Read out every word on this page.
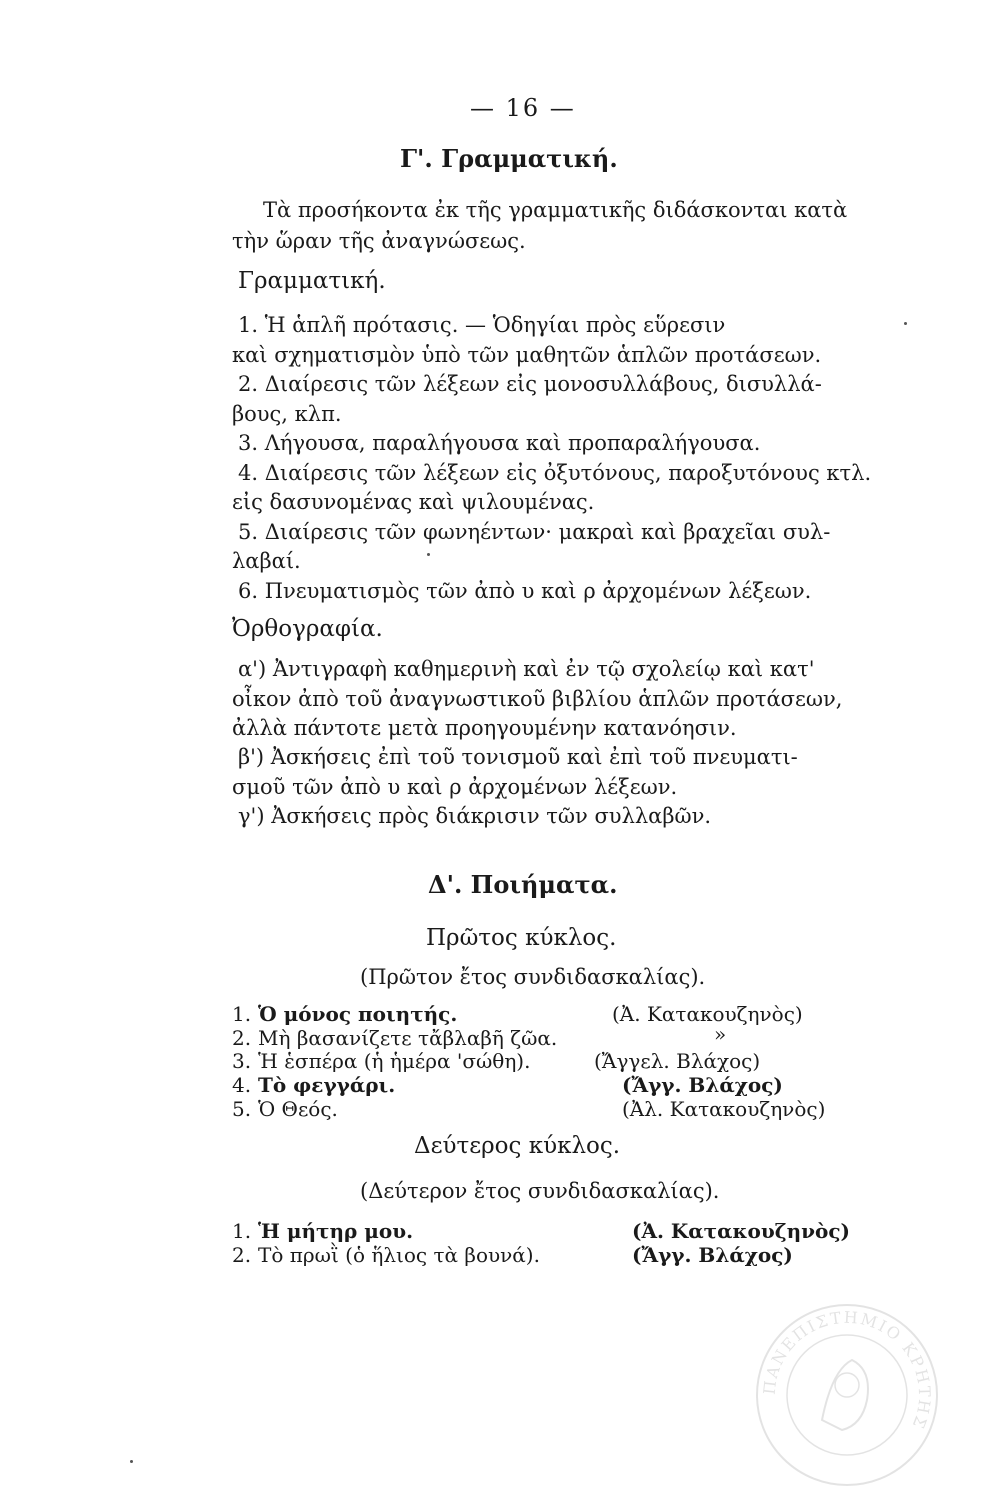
— 16 —
Γ'. Γραμματική.
Τὰ προσήκοντα ἐκ τῆς γραμματικῆς διδάσκονται κατὰ
τὴν ὥραν τῆς ἀναγνώσεως.
Γραμματική.
1. Ἡ ἁπλῆ πρότασις. — Ὁδηγίαι πρὸς εὕρεσιν
καὶ σχηματισμὸν ὑπὸ τῶν μαθητῶν ἁπλῶν προτάσεων.
2. Διαίρεσις τῶν λέξεων εἰς μονοσυλλάβους, δισυλλά-
βους, κλπ.
3. Λήγουσα, παραλήγουσα καὶ προπαραλήγουσα.
4. Διαίρεσις τῶν λέξεων εἰς ὀξυτόνους, παροξυτόνους κτλ.
εἰς δασυνομένας καὶ ψιλουμένας.
5. Διαίρεσις τῶν φωνηέντων· μακραὶ καὶ βραχεῖαι συλ-
λαβαί.
6. Πνευματισμὸς τῶν ἀπὸ υ καὶ ρ ἀρχομένων λέξεων.
Ὀρθογραφία.
α') Ἀντιγραφὴ καθημερινὴ καὶ ἐν τῷ σχολείῳ καὶ κατ'
οἶκον ἀπὸ τοῦ ἀναγνωστικοῦ βιβλίου ἁπλῶν προτάσεων,
ἀλλὰ πάντοτε μετὰ προηγουμένην κατανόησιν.
β') Ἀσκήσεις ἐπὶ τοῦ τονισμοῦ καὶ ἐπὶ τοῦ πνευματι-
σμοῦ τῶν ἀπὸ υ καὶ ρ ἀρχομένων λέξεων.
γ') Ἀσκήσεις πρὸς διάκρισιν τῶν συλλαβῶν.
Δ'. Ποιήματα.
Πρῶτος κύκλος.
(Πρῶτον ἔτος συνδιδασκαλίας).
1. Ὁ μόνος ποιητής.	(Ἀ. Κατακουζηνὸς)
2. Μὴ βασανίζετε τἄβλαβῆ ζῶα.	»
3. Ἡ ἑσπέρα (ἡ ἡμέρα 'σώθη).	(Ἄγγελ. Βλάχος)
4. Τὸ φεγγάρι.	(Ἄγγ. Βλάχος)
5. Ὁ Θεός.	(Ἀλ. Κατακουζηνὸς)
Δεύτερος κύκλος.
(Δεύτερον ἔτος συνδιδασκαλίας).
1. Ἡ μήτηρ μου.	(Ἀ. Κατακουζηνὸς)
2. Τὸ πρωῒ (ὁ ἥλιος τὰ βουνά).	(Ἄγγ. Βλάχος)
ΠΑΝΕΠΙΣΤΗΜΙΟ ΚΡΗΤΗΣ
